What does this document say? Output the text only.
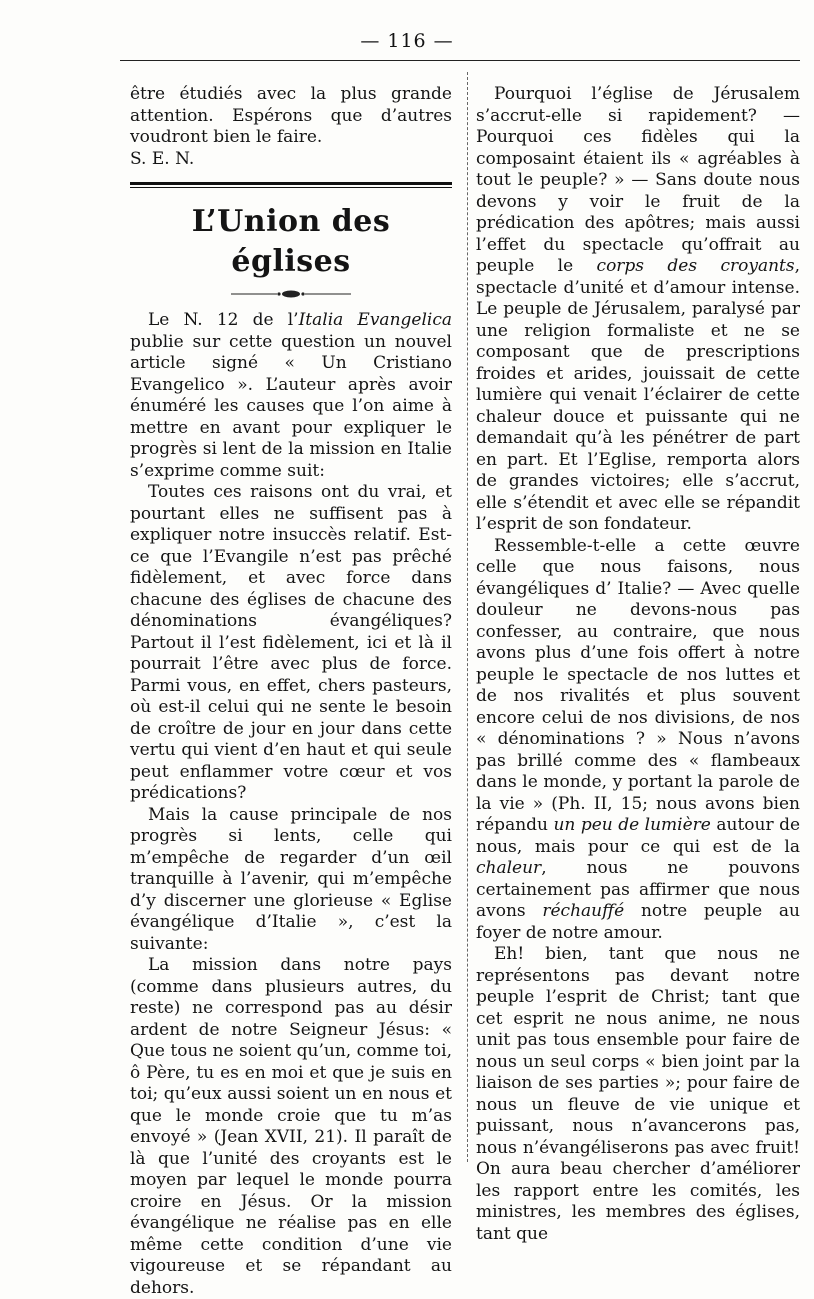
— 116 —

être étudiés avec la plus grande attention. Espérons que d’autres voudront bien le faire.

S. E. N.

L’Union des églises

Le N. 12 de l’Italia Evangelica publie sur cette question un nouvel article signé « Un Cristiano Evangelico ». L’auteur après avoir énuméré les causes que l’on aime à mettre en avant pour expliquer le progrès si lent de la mission en Italie s’exprime comme suit:

Toutes ces raisons ont du vrai, et pourtant elles ne suffisent pas à expliquer notre insuccès relatif. Est-ce que l’Evangile n’est pas prêché fidèlement, et avec force dans chacune des églises de chacune des dénominations évangéliques? Partout il l’est fidèlement, ici et là il pourrait l’être avec plus de force. Parmi vous, en effet, chers pasteurs, où est-il celui qui ne sente le besoin de croître de jour en jour dans cette vertu qui vient d’en haut et qui seule peut enflammer votre cœur et vos prédications?

Mais la cause principale de nos progrès si lents, celle qui m’empêche de regarder d’un œil tranquille à l’avenir, qui m’empêche d’y discerner une glorieuse « Eglise évangélique d’Italie », c’est la suivante:

La mission dans notre pays (comme dans plusieurs autres, du reste) ne correspond pas au désir ardent de notre Seigneur Jésus: « Que tous ne soient qu’un, comme toi, ô Père, tu es en moi et que je suis en toi; qu’eux aussi soient un en nous et que le monde croie que tu m’as envoyé » (Jean XVII, 21). Il paraît de là que l’unité des croyants est le moyen par lequel le monde pourra croire en Jésus. Or la mission évangélique ne réalise pas en elle même cette condition d’une vie vigoureuse et se répandant au dehors.

Pourquoi l’église de Jérusalem s’accrut-elle si rapidement? — Pourquoi ces fidèles qui la composaint étaient ils « agréables à tout le peuple? » — Sans doute nous devons y voir le fruit de la prédication des apôtres; mais aussi l’effet du spectacle qu’offrait au peuple le corps des croyants, spectacle d’unité et d’amour intense. Le peuple de Jérusalem, paralysé par une religion formaliste et ne se composant que de prescriptions froides et arides, jouissait de cette lumière qui venait l’éclairer de cette chaleur douce et puissante qui ne demandait qu’à les pénétrer de part en part. Et l’Eglise, remporta alors de grandes victoires; elle s’accrut, elle s’étendit et avec elle se répandit l’esprit de son fondateur.

Ressemble-t-elle a cette œuvre celle que nous faisons, nous évangéliques d’ Italie? — Avec quelle douleur ne devons-nous pas confesser, au contraire, que nous avons plus d’une fois offert à notre peuple le spectacle de nos luttes et de nos rivalités et plus souvent encore celui de nos divisions, de nos « dénominations ? » Nous n’avons pas brillé comme des « flambeaux dans le monde, y portant la parole de la vie » (Ph. II, 15; nous avons bien répandu un peu de lumière autour de nous, mais pour ce qui est de la chaleur, nous ne pouvons certainement pas affirmer que nous avons réchauffé notre peuple au foyer de notre amour.

Eh! bien, tant que nous ne représentons pas devant notre peuple l’esprit de Christ; tant que cet esprit ne nous anime, ne nous unit pas tous ensemble pour faire de nous un seul corps « bien joint par la liaison de ses parties »; pour faire de nous un fleuve de vie unique et puissant, nous n’avancerons pas, nous n’évangéliserons pas avec fruit! On aura beau chercher d’améliorer les rapport entre les comités, les ministres, les membres des églises, tant que
